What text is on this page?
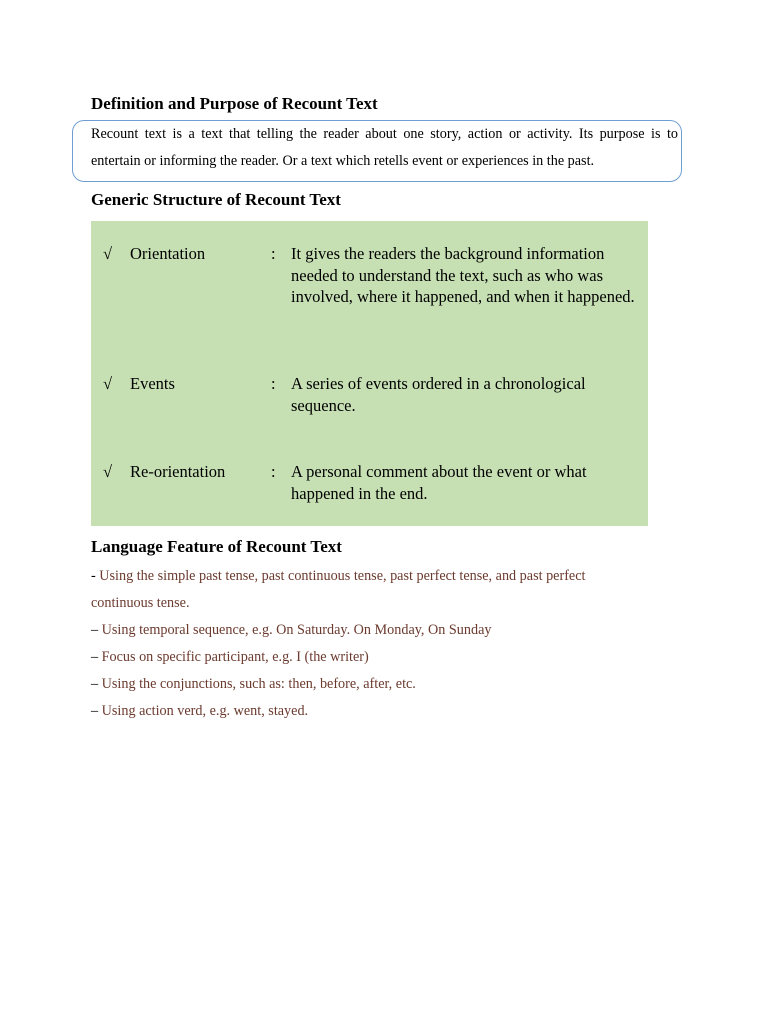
Definition and Purpose of Recount Text

Recount text is a text that telling the reader about one story, action or activity. Its purpose is to entertain or informing the reader. Or a text which retells event or experiences in the past.

Generic Structure of Recount Text
√ Orientation	: It gives the readers the background information needed to understand the text, such as who was involved, where it happened, and when it happened.
√ Events	: A series of events ordered in a chronological sequence.
√ Re-orientation	: A personal comment about the event or what happened in the end.
Language Feature of Recount Text
- Using the simple past tense, past continuous tense, past perfect tense, and past perfect continuous tense.
– Using temporal sequence, e.g. On Saturday. On Monday, On Sunday
– Focus on specific participant, e.g. I (the writer)
– Using the conjunctions, such as: then, before, after, etc.
– Using action verd, e.g. went, stayed.
